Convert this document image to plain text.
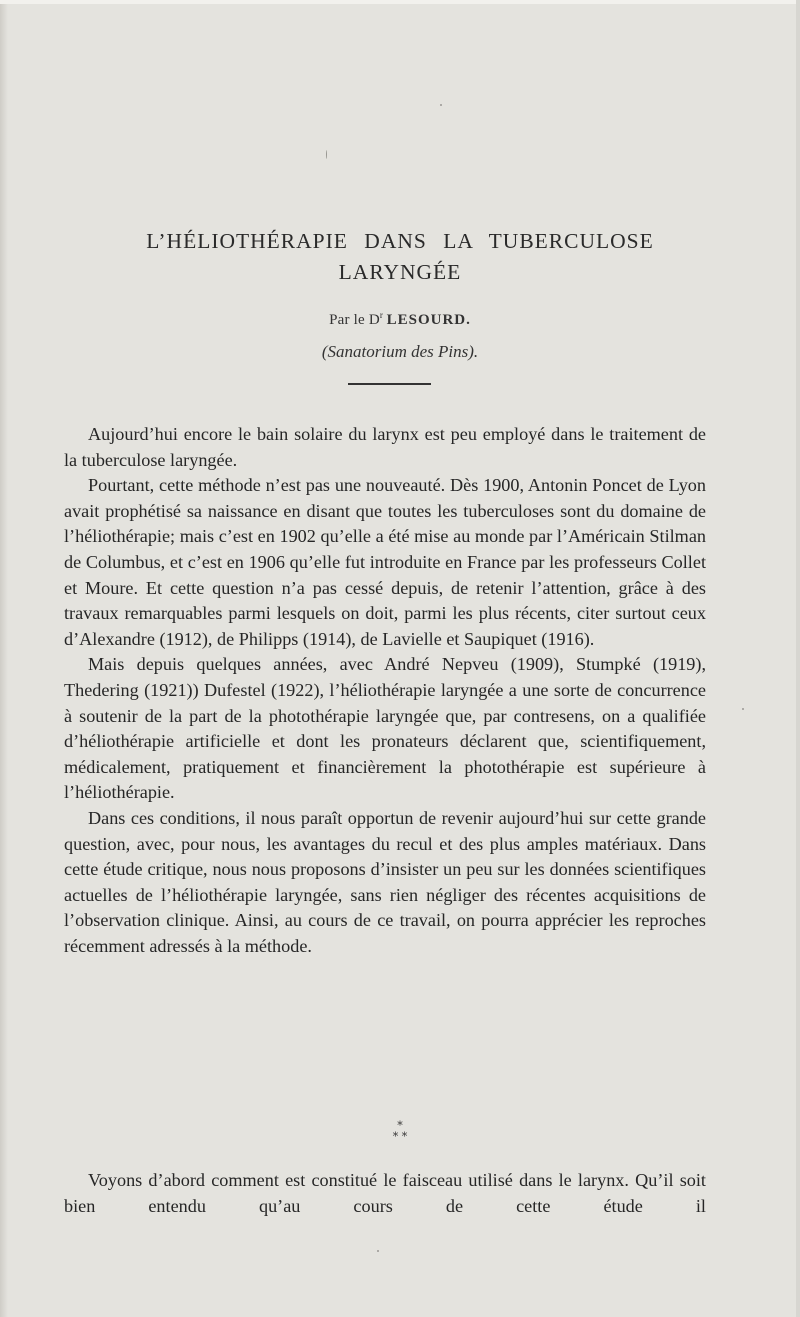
L’HÉLIOTHÉRAPIE DANS LA TUBERCULOSE
LARYNGÉE
Par le $D^r$ LESOURD.
(Sanatorium des Pins).

Aujourd’hui encore le bain solaire du larynx est peu employé dans le traitement de la tuberculose laryngée.

Pourtant, cette méthode n’est pas une nouveauté. Dès 1900, Antonin Poncet de Lyon avait prophétisé sa naissance en disant que toutes les tuberculoses sont du domaine de l’héliothérapie; mais c’est en 1902 qu’elle a été mise au monde par l’Américain Stilman de Columbus, et c’est en 1906 qu’elle fut introduite en France par les professeurs Collet et Moure. Et cette question n’a pas cessé depuis, de retenir l’attention, grâce à des travaux remarquables parmi lesquels on doit, parmi les plus récents, citer surtout ceux d’Alexandre (1912), de Philipps (1914), de Lavielle et Saupiquet (1916).

Mais depuis quelques années, avec André Nepveu (1909), Stumpké (1919), Thedering (1921)) Dufestel (1922), l’héliothérapie laryngée a une sorte de concurrence à soutenir de la part de la photothérapie laryngée que, par contresens, on a qualifiée d’héliothérapie artificielle et dont les pronateurs déclarent que, scientifiquement, médicalement, pratiquement et financièrement la photothérapie est supérieure à l’héliothérapie.

Dans ces conditions, il nous paraît opportun de revenir aujourd’hui sur cette grande question, avec, pour nous, les avantages du recul et des plus amples matériaux. Dans cette étude critique, nous nous proposons d’insister un peu sur les données scientifiques actuelles de l’héliothérapie laryngée, sans rien négliger des récentes acquisitions de l’observation clinique. Ainsi, au cours de ce travail, on pourra apprécier les reproches récemment adressés à la méthode.

*
* *

Voyons d’abord comment est constitué le faisceau utilisé dans le larynx. Qu’il soit bien entendu qu’au cours de cette étude il
